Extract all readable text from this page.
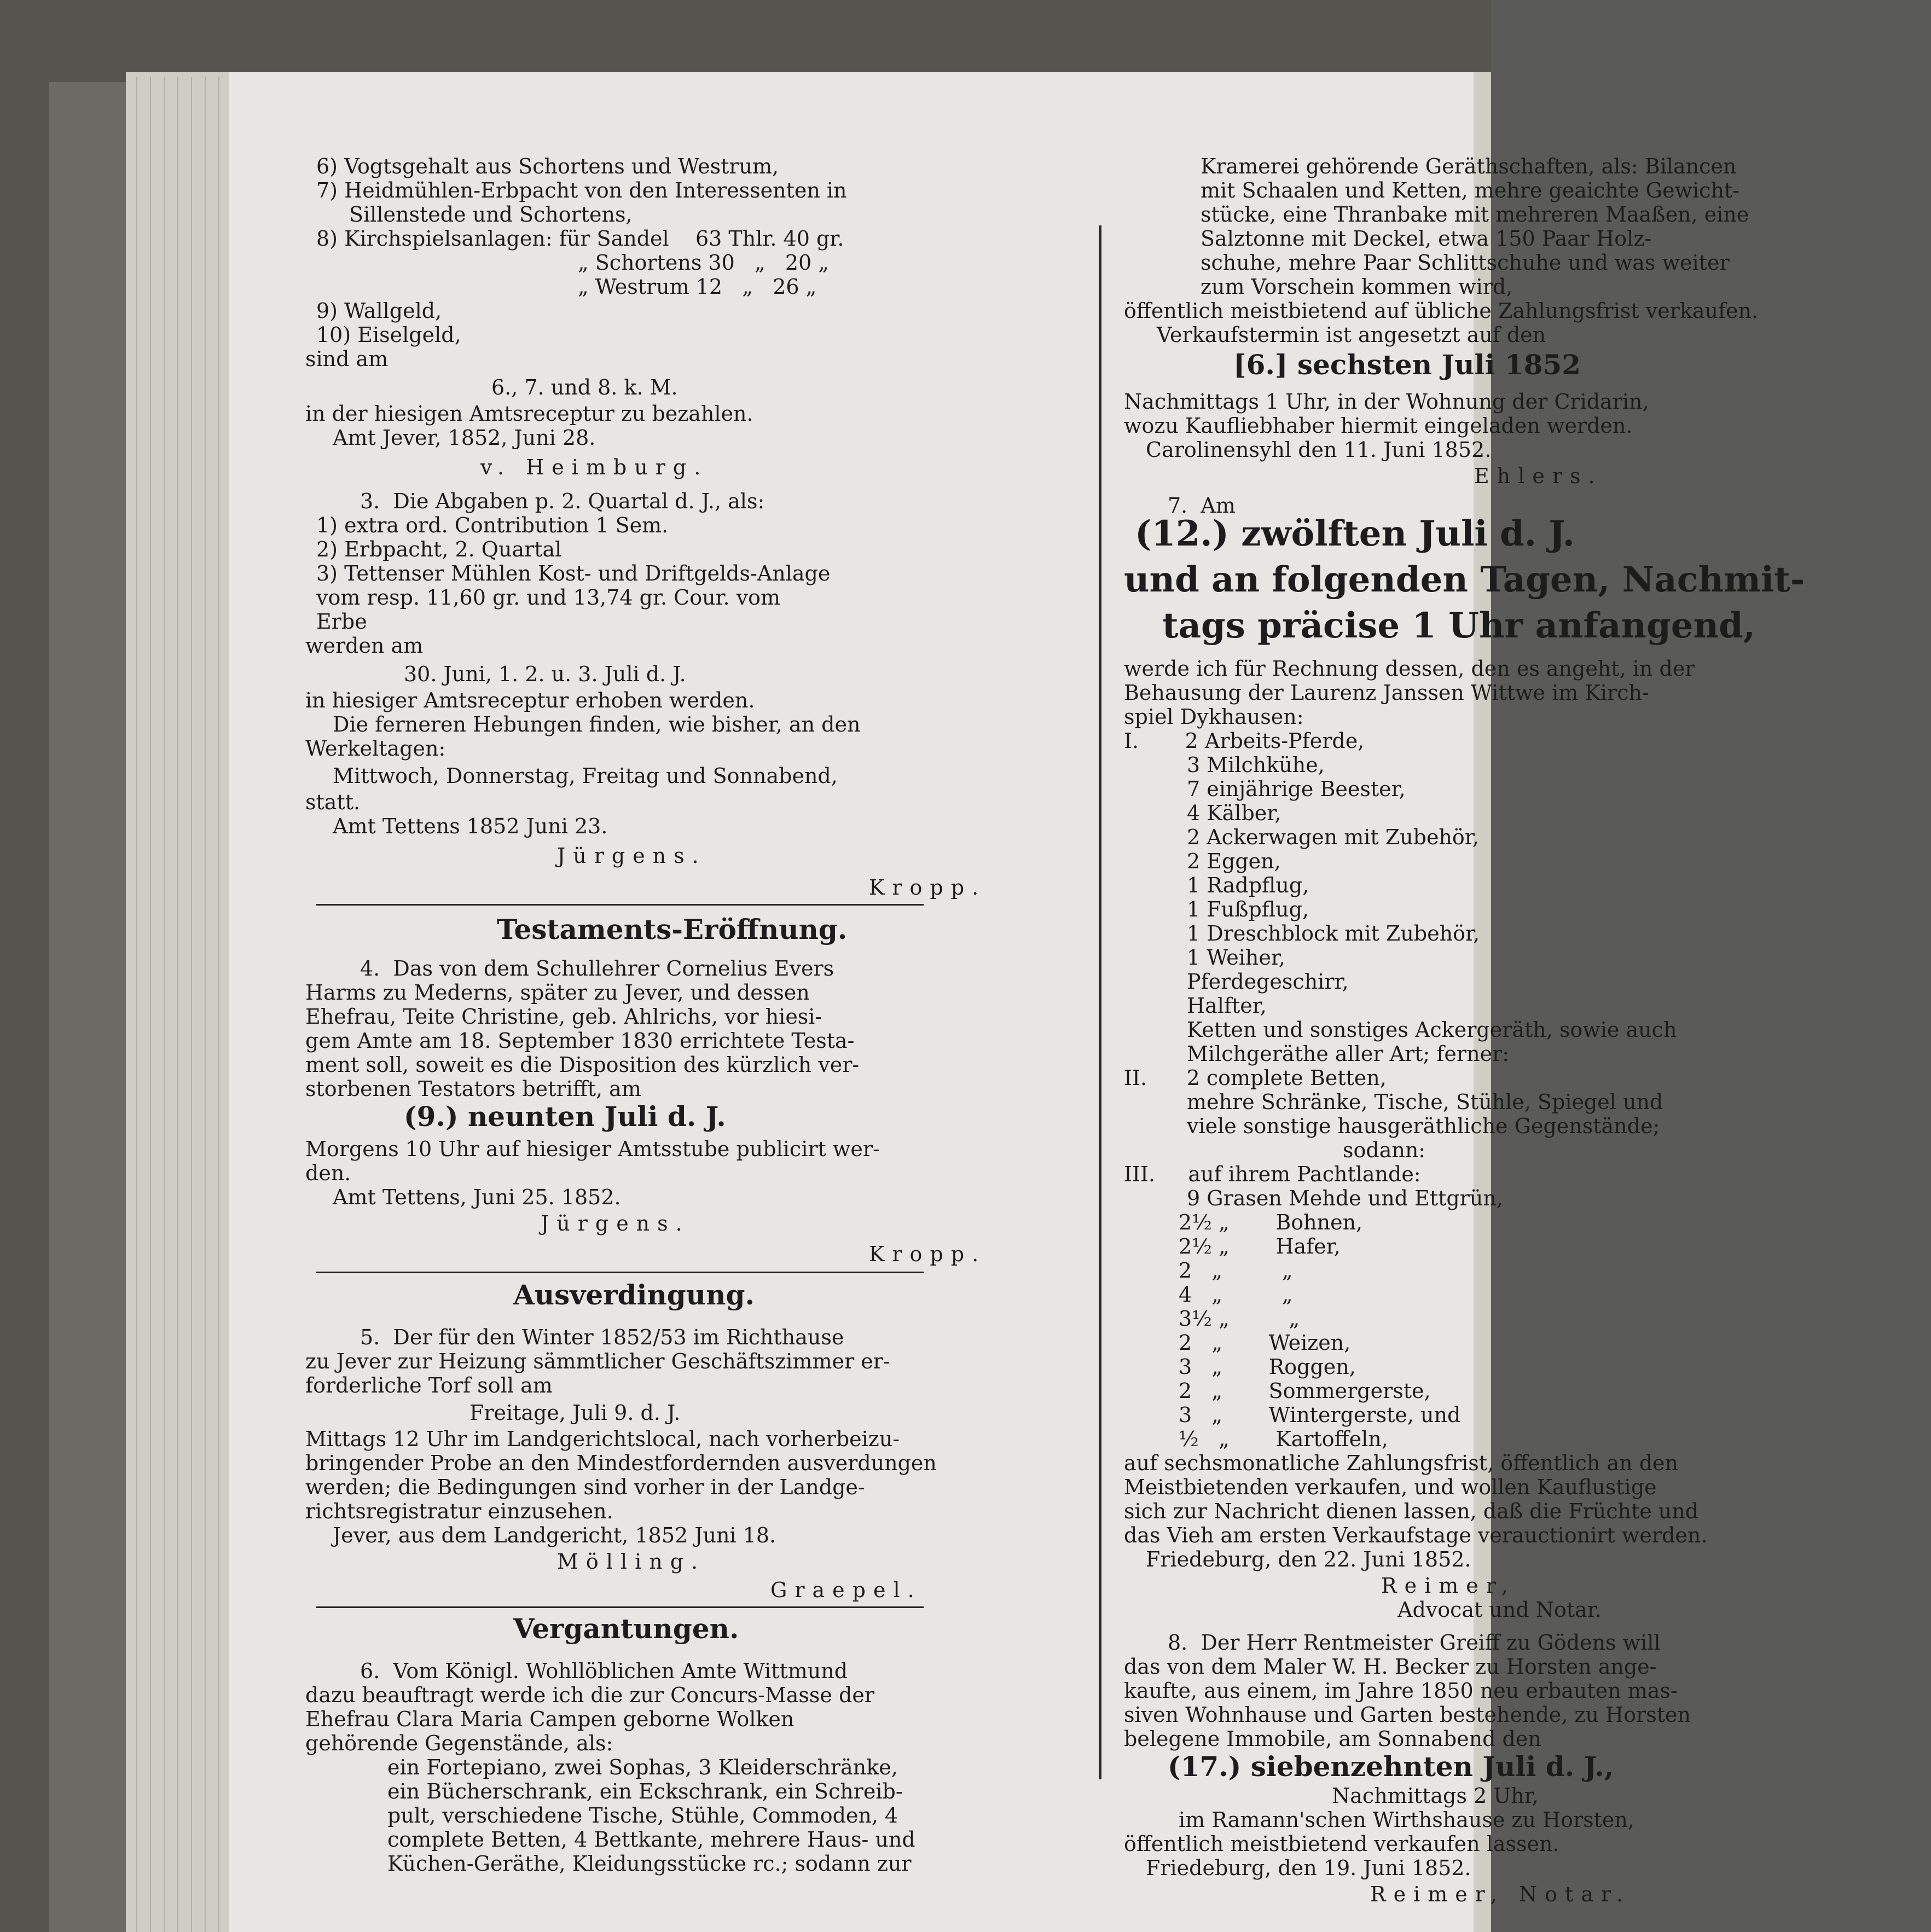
6) Vogtsgehalt aus Schortens und Westrum,
7) Heidmühlen-Erbpacht von den Interessenten in
Sillenstede und Schortens,
8) Kirchspielsanlagen: für Sandel    63 Thlr. 40 gr.
„ Schortens 30   „   20 „
„ Westrum 12   „   26 „
9) Wallgeld,
10) Eiselgeld,
sind am
6., 7. und 8. k. M.
in der hiesigen Amtsreceptur zu bezahlen.
Amt Jever, 1852, Juni 28.
v. Heimburg.
3.  Die Abgaben p. 2. Quartal d. J., als:
1) extra ord. Contribution 1 Sem.
2) Erbpacht, 2. Quartal
3) Tettenser Mühlen Kost- und Driftgelds-Anlage
vom resp. 11,60 gr. und 13,74 gr. Cour. vom
Erbe
werden am
30. Juni, 1. 2. u. 3. Juli d. J.
in hiesiger Amtsreceptur erhoben werden.
Die ferneren Hebungen finden, wie bisher, an den
Werkeltagen:
Mittwoch, Donnerstag, Freitag und Sonnabend,
statt.
Amt Tettens 1852 Juni 23.
Jürgens.
Kropp.
4.  Das von dem Schullehrer Cornelius Evers
Harms zu Mederns, später zu Jever, und dessen
Ehefrau, Teite Christine, geb. Ahlrichs, vor hiesi-
gem Amte am 18. September 1830 errichtete Testa-
ment soll, soweit es die Disposition des kürzlich ver-
storbenen Testators betrifft, am
Morgens 10 Uhr auf hiesiger Amtsstube publicirt wer-
den.
Amt Tettens, Juni 25. 1852.
Jürgens.
Kropp.
5.  Der für den Winter 1852/53 im Richthause
zu Jever zur Heizung sämmtlicher Geschäftszimmer er-
forderliche Torf soll am
Freitage, Juli 9. d. J.
Mittags 12 Uhr im Landgerichtslocal, nach vorherbeizu-
bringender Probe an den Mindestfordernden ausverdungen
werden; die Bedingungen sind vorher in der Landge-
richtsregistratur einzusehen.
Jever, aus dem Landgericht, 1852 Juni 18.
Mölling.
Graepel.
6.  Vom Königl. Wohllöblichen Amte Wittmund
dazu beauftragt werde ich die zur Concurs-Masse der
Ehefrau Clara Maria Campen geborne Wolken
gehörende Gegenstände, als:
ein Fortepiano, zwei Sophas, 3 Kleiderschränke,
ein Bücherschrank, ein Eckschrank, ein Schreib-
pult, verschiedene Tische, Stühle, Commoden, 4
complete Betten, 4 Bettkante, mehrere Haus- und
Küchen-Geräthe, Kleidungsstücke rc.; sodann zur
Testaments-Eröffnung.
(9.) neunten Juli d. J.
Ausverdingung.
Vergantungen.
Kramerei gehörende Geräthschaften, als: Bilancen
mit Schaalen und Ketten, mehre geaichte Gewicht-
stücke, eine Thranbake mit mehreren Maaßen, eine
Salztonne mit Deckel, etwa 150 Paar Holz-
schuhe, mehre Paar Schlittschuhe und was weiter
zum Vorschein kommen wird,
öffentlich meistbietend auf übliche Zahlungsfrist verkaufen.
Verkaufstermin ist angesetzt auf den
Nachmittags 1 Uhr, in der Wohnung der Cridarin,
wozu Kaufliebhaber hiermit eingeladen werden.
Carolinensyhl den 11. Juni 1852.
Ehlers.
7.  Am
werde ich für Rechnung dessen, den es angeht, in der
Behausung der Laurenz Janssen Wittwe im Kirch-
spiel Dykhausen:
I.       2 Arbeits-Pferde,
3 Milchkühe,
7 einjährige Beester,
4 Kälber,
2 Ackerwagen mit Zubehör,
2 Eggen,
1 Radpflug,
1 Fußpflug,
1 Dreschblock mit Zubehör,
1 Weiher,
Pferdegeschirr,
Halfter,
Ketten und sonstiges Ackergeräth, sowie auch
Milchgeräthe aller Art; ferner:
II.      2 complete Betten,
mehre Schränke, Tische, Stühle, Spiegel und
viele sonstige hausgeräthliche Gegenstände;
sodann:
III.     auf ihrem Pachtlande:
9 Grasen Mehde und Ettgrün,
2½ „       Bohnen,
2½ „       Hafer,
2   „         „
4   „         „
3½ „         „
2   „       Weizen,
3   „       Roggen,
2   „       Sommergerste,
3   „       Wintergerste, und
½   „       Kartoffeln,
auf sechsmonatliche Zahlungsfrist, öffentlich an den
Meistbietenden verkaufen, und wollen Kauflustige
sich zur Nachricht dienen lassen, daß die Früchte und
das Vieh am ersten Verkaufstage verauctionirt werden.
Friedeburg, den 22. Juni 1852.
Reimer,
Advocat und Notar.
8.  Der Herr Rentmeister Greiff zu Gödens will
das von dem Maler W. H. Becker zu Horsten ange-
kaufte, aus einem, im Jahre 1850 neu erbauten mas-
siven Wohnhause und Garten bestehende, zu Horsten
belegene Immobile, am Sonnabend den
Nachmittags 2 Uhr,
im Ramann'schen Wirthshause zu Horsten,
öffentlich meistbietend verkaufen lassen.
Friedeburg, den 19. Juni 1852.
Reimer, Notar.
[6.] sechsten Juli 1852
(17.) siebenzehnten Juli d. J.,
(12.) zwölften Juli d. J.
und an folgenden Tagen, Nachmit-
tags präcise 1 Uhr anfangend,
